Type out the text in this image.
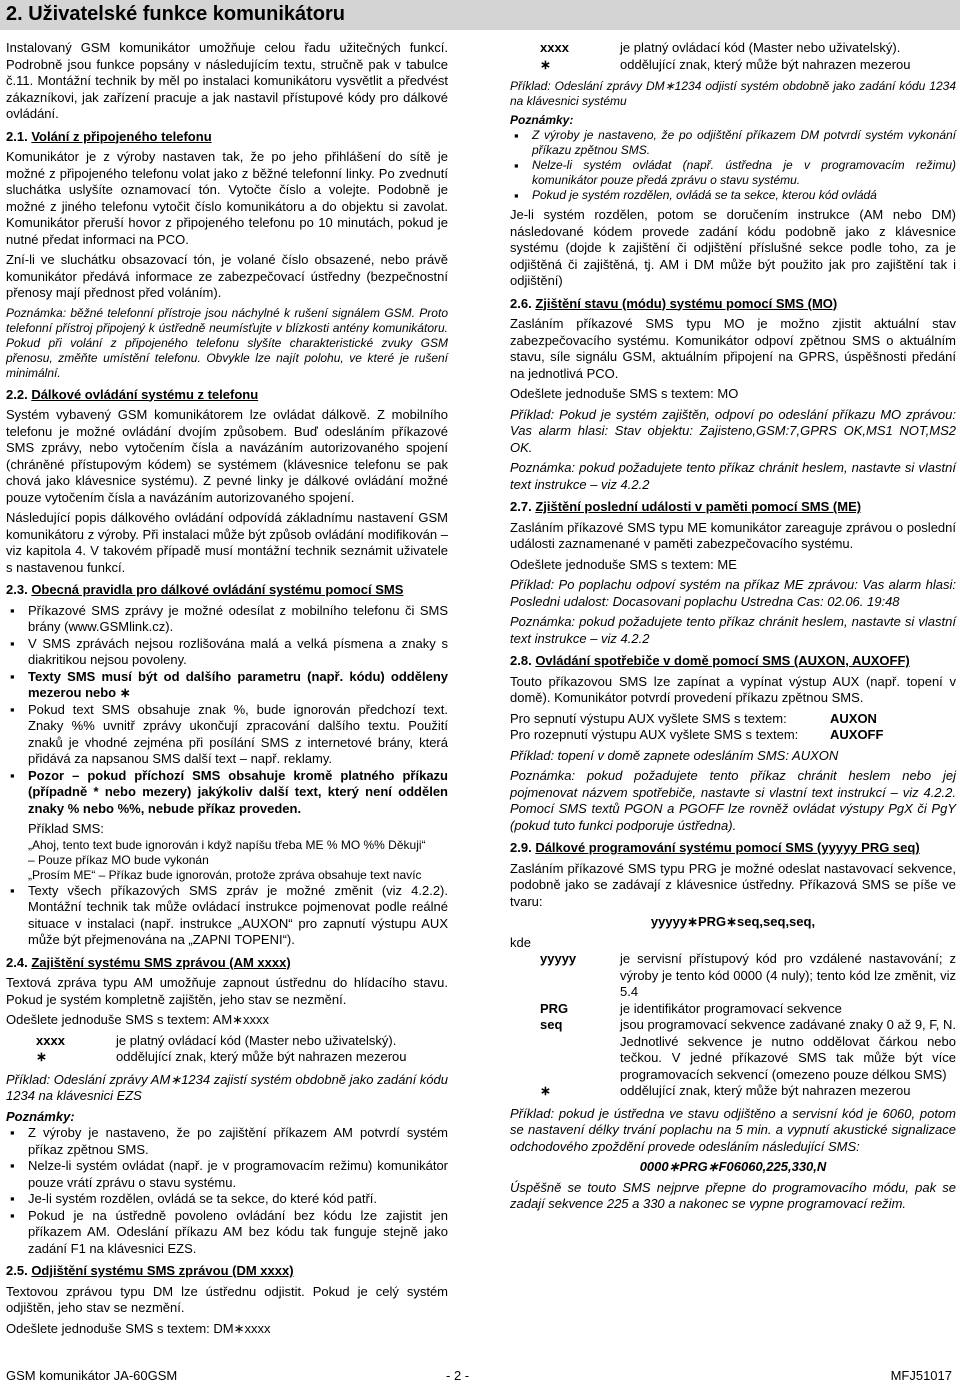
2. Uživatelské funkce komunikátoru

Instalovaný GSM komunikátor umožňuje celou řadu užitečných funkcí. Podrobně jsou funkce popsány v následujícím textu, stručně pak v tabulce č.11. Montážní technik by měl po instalaci komunikátoru vysvětlit a předvést zákazníkovi, jak zařízení pracuje a jak nastavil přístupové kódy pro dálkové ovládání.

2.1. Volání z připojeného telefonu

Komunikátor je z výroby nastaven tak, že po jeho přihlášení do sítě je možné z připojeného telefonu volat jako z běžné telefonní linky. Po zvednutí sluchátka uslyšíte oznamovací tón. Vytočte číslo a volejte. Podobně je možné z jiného telefonu vytočit číslo komunikátoru a do objektu si zavolat. Komunikátor přeruší hovor z připojeného telefonu po 10 minutách, pokud je nutné předat informaci na PCO.

Zní-li ve sluchátku obsazovací tón, je volané číslo obsazené, nebo právě komunikátor předává informace ze zabezpečovací ústředny (bezpečnostní přenosy mají přednost před voláním).

Poznámka: běžné telefonní přístroje jsou náchylné k rušení signálem GSM. Proto telefonní přístroj připojený k ústředně neumísťujte v blízkosti antény komunikátoru. Pokud při volání z připojeného telefonu slyšíte charakteristické zvuky GSM přenosu, změňte umístění telefonu. Obvykle lze najít polohu, ve které je rušení minimální.

2.2. Dálkové ovládání systému z telefonu

Systém vybavený GSM komunikátorem lze ovládat dálkově. Z mobilního telefonu je možné ovládání dvojím způsobem. Buď odesláním příkazové SMS zprávy, nebo vytočením čísla a navázáním autorizovaného spojení (chráněné přístupovým kódem) se systémem (klávesnice telefonu se pak chová jako klávesnice systému). Z pevné linky je dálkové ovládání možné pouze vytočením čísla a navázáním autorizovaného spojení.

Následující popis dálkového ovládání odpovídá základnímu nastavení GSM komunikátoru z výroby. Při instalaci může být způsob ovládání modifikován – viz kapitola 4. V takovém případě musí montážní technik seznámit uživatele s nastavenou funkcí.

2.3. Obecná pravidla pro dálkové ovládání systému pomocí SMS
▪ Příkazové SMS zprávy je možné odesílat z mobilního telefonu či SMS brány (www.GSMlink.cz).
▪ V SMS zprávách nejsou rozlišována malá a velká písmena a znaky s diakritikou nejsou povoleny.
▪ Texty SMS musí být od dalšího parametru (např. kódu) odděleny mezerou nebo ∗
▪ Pokud text SMS obsahuje znak %, bude ignorován předchozí text. Znaky %% uvnitř zprávy ukončují zpracování dalšího textu. Použití znaků je vhodné zejména při posílání SMS z internetové brány, která přidává za napsanou SMS další text – např. reklamy.
▪ Pozor – pokud příchozí SMS obsahuje kromě platného příkazu (případně * nebo mezery) jakýkoliv další text, který není oddělen znaky % nebo %%, nebude příkaz proveden.

Příklad SMS:

„Ahoj, tento text bude ignorován i když napíšu třeba ME % MO %% Děkuji“

– Pouze příkaz MO bude vykonán

„Prosím ME“ – Příkaz bude ignorován, protože zpráva obsahuje text navíc

▪ Texty všech příkazových SMS zpráv je možné změnit (viz 4.2.2). Montážní technik tak může ovládací instrukce pojmenovat podle reálné situace v instalaci (např. instrukce „AUXON“ pro zapnutí výstupu AUX může být přejmenována na „ZAPNI TOPENI“).
2.4. Zajištění systému SMS zprávou (AM xxxx)

Textová zpráva typu AM umožňuje zapnout ústřednu do hlídacího stavu. Pokud je systém kompletně zajištěn, jeho stav se nezmění.

Odešlete jednoduše SMS s textem: AM∗xxxx

xxxx	je platný ovládací kód (Master nebo uživatelský).
∗	oddělující znak, který může být nahrazen mezerou

Příklad: Odeslání zprávy AM∗1234 zajistí systém obdobně jako zadání kódu 1234 na klávesnici EZS

Poznámky:

▪ Z výroby je nastaveno, že po zajištění příkazem AM potvrdí systém příkaz zpětnou SMS.
▪ Nelze-li systém ovládat (např. je v programovacím režimu) komunikátor pouze vrátí zprávu o stavu systému.
▪ Je-li systém rozdělen, ovládá se ta sekce, do které kód patří.
▪ Pokud je na ústředně povoleno ovládání bez kódu lze zajistit jen příkazem AM. Odeslání příkazu AM bez kódu tak funguje stejně jako zadání F1 na klávesnici EZS.
2.5. Odjištění systému SMS zprávou (DM xxxx)

Textovou zprávou typu DM lze ústřednu odjistit. Pokud je celý systém odjištěn, jeho stav se nezmění.

Odešlete jednoduše SMS s textem: DM∗xxxx

xxxx	je platný ovládací kód (Master nebo uživatelský).
∗	oddělující znak, který může být nahrazen mezerou

Příklad: Odeslání zprávy DM∗1234 odjistí systém obdobně jako zadání kódu 1234 na klávesnici systému

Poznámky:

▪ Z výroby je nastaveno, že po odjištění příkazem DM potvrdí systém vykonání příkazu zpětnou SMS.
▪ Nelze-li systém ovládat (např. ústředna je v programovacím režimu) komunikátor pouze předá zprávu o stavu systému.
▪ Pokud je systém rozdělen, ovládá se ta sekce, kterou kód ovládá

Je-li systém rozdělen, potom se doručením instrukce (AM nebo DM) následované kódem provede zadání kódu podobně jako z klávesnice systému (dojde k zajištění či odjištění příslušné sekce podle toho, za je odjištěná či zajištěná, tj. AM i DM může být použito jak pro zajištění tak i odjištění)

2.6. Zjištění stavu (módu) systému pomocí SMS (MO)

Zasláním příkazové SMS typu MO je možno zjistit aktuální stav zabezpečovacího systému. Komunikátor odpoví zpětnou SMS o aktuálním stavu, síle signálu GSM, aktuálním připojení na GPRS, úspěšnosti předání na jednotlivá PCO.

Odešlete jednoduše SMS s textem: MO

Příklad: Pokud je systém zajištěn, odpoví po odeslání příkazu MO zprávou: Vas alarm hlasi: Stav objektu: Zajisteno,GSM:7,GPRS OK,MS1 NOT,MS2 OK.

Poznámka: pokud požadujete tento příkaz chránit heslem, nastavte si vlastní text instrukce – viz 4.2.2

2.7. Zjištění poslední události v paměti pomocí SMS (ME)

Zasláním příkazové SMS typu ME komunikátor zareaguje zprávou o poslední události zaznamenané v paměti zabezpečovacího systému.

Odešlete jednoduše SMS s textem: ME

Příklad: Po poplachu odpoví systém na příkaz ME zprávou: Vas alarm hlasi: Posledni udalost: Docasovani poplachu Ustredna Cas: 02.06. 19:48

Poznámka: pokud požadujete tento příkaz chránit heslem, nastavte si vlastní text instrukce – viz 4.2.2

2.8. Ovládání spotřebiče v domě pomocí SMS (AUXON, AUXOFF)

Touto příkazovou SMS lze zapínat a vypínat výstup AUX (např. topení v domě). Komunikátor potvrdí provedení příkazu zpětnou SMS.

Pro sepnutí výstupu AUX vyšlete SMS s textem:	AUXON
Pro rozepnutí výstupu AUX vyšlete SMS s textem:	AUXOFF

Příklad: topení v domě zapnete odesláním SMS: AUXON

Poznámka: pokud požadujete tento příkaz chránit heslem nebo jej pojmenovat názvem spotřebiče, nastavte si vlastní text instrukcí – viz 4.2.2. Pomocí SMS textů PGON a PGOFF lze rovněž ovládat výstupy PgX či PgY (pokud tuto funkci podporuje ústředna).

2.9. Dálkové programování systému pomocí SMS (yyyyy PRG seq)

Zasláním příkazové SMS typu PRG je možné odeslat nastavovací sekvence, podobně jako se zadávají z klávesnice ústředny. Příkazová SMS se píše ve tvaru:

yyyyy∗PRG∗seq,seq,seq,

kde

yyyyy	je servisní přístupový kód pro vzdálené nastavování; z výroby je tento kód 0000 (4 nuly); tento kód lze změnit, viz 5.4
PRG	je identifikátor programovací sekvence
seq	jsou programovací sekvence zadávané znaky 0 až 9, F, N. Jednotlivé sekvence je nutno oddělovat čárkou nebo tečkou. V jedné příkazové SMS tak může být více programovacích sekvencí (omezeno pouze délkou SMS)
∗	oddělující znak, který může být nahrazen mezerou

Příklad: pokud je ústředna ve stavu odjištěno a servisní kód je 6060, potom se nastavení délky trvání poplachu na 5 min. a vypnutí akustické signalizace odchodového zpoždění provede odesláním následující SMS:

0000∗PRG∗F06060,225,330,N

Úspěšně se touto SMS nejprve přepne do programovacího módu, pak se zadají sekvence 225 a 330 a nakonec se vypne programovací režim.

GSM komunikátor JA-60GSM	- 2 -	MFJ51017
